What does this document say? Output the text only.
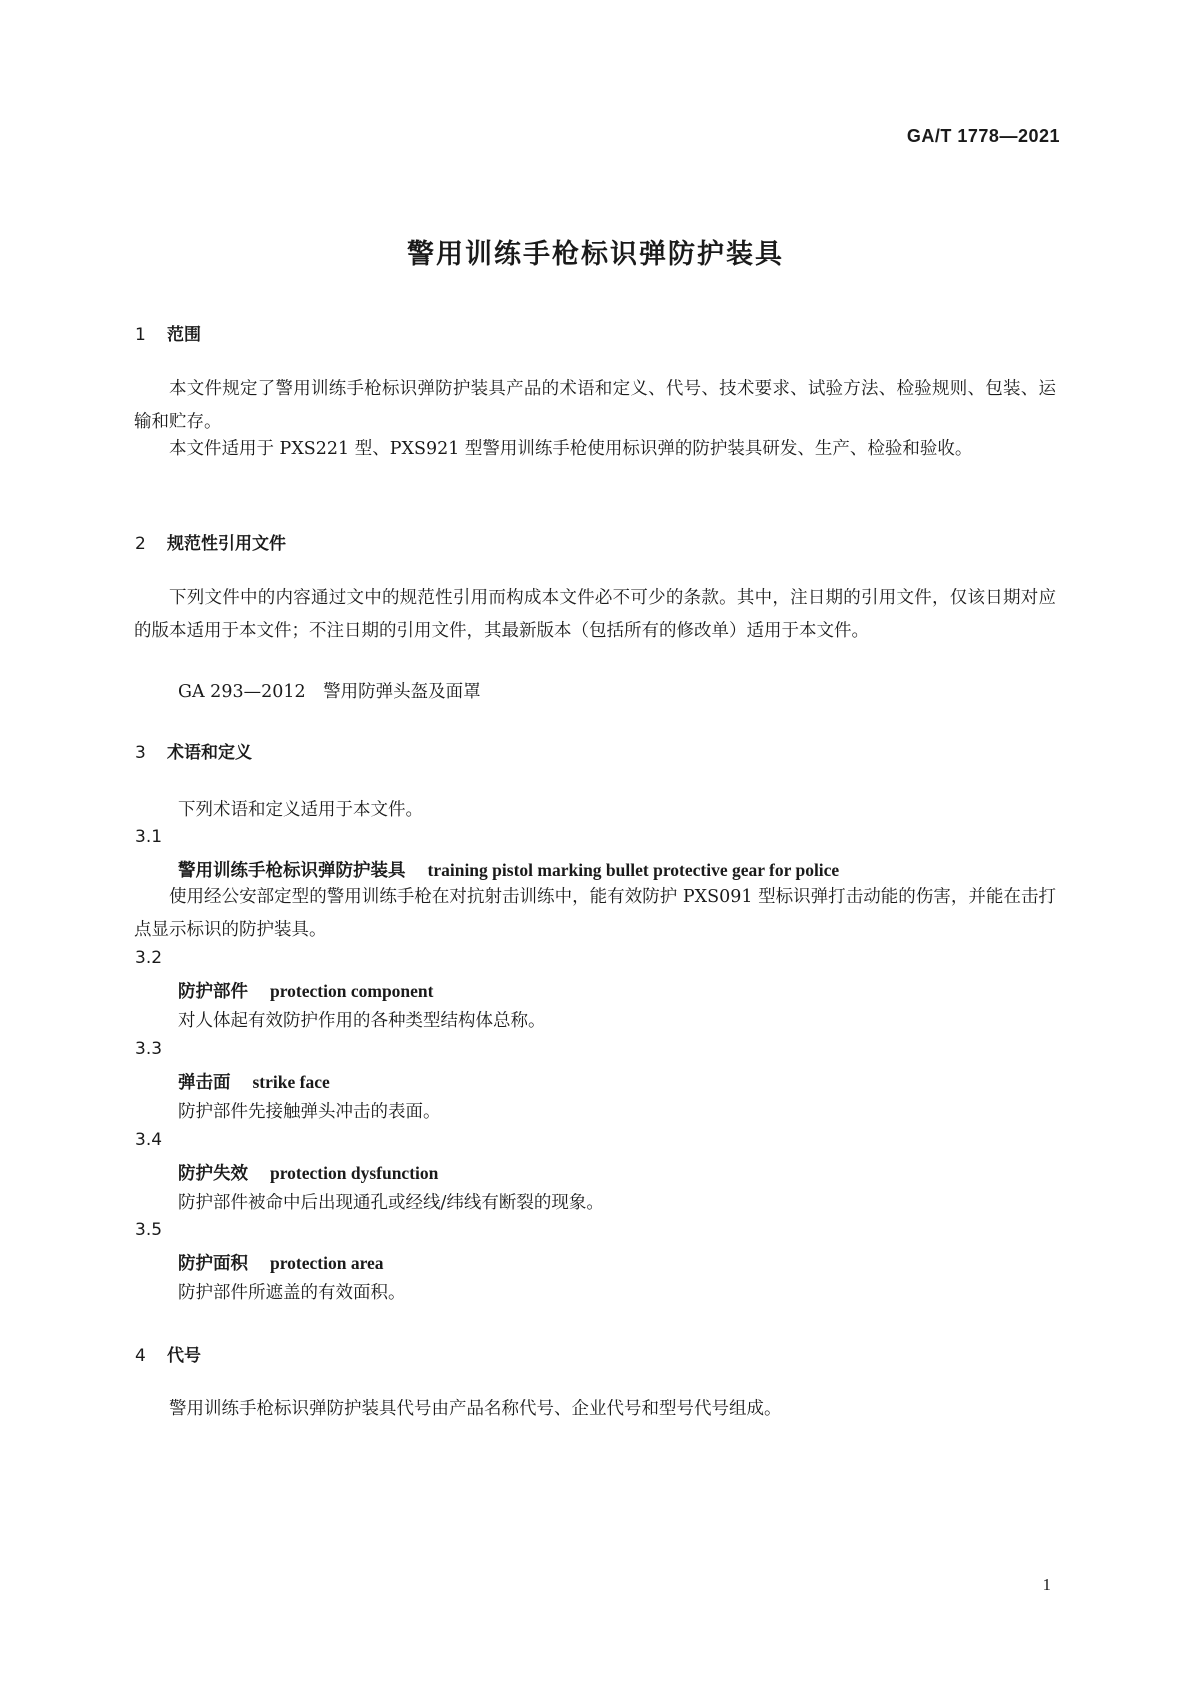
GA/T 1778—2021
警用训练手枪标识弹防护装具
1 范围
本文件规定了警用训练手枪标识弹防护装具产品的术语和定义、代号、技术要求、试验方法、检验规则、包装、运输和贮存。
本文件适用于 PXS221 型、PXS921 型警用训练手枪使用标识弹的防护装具研发、生产、检验和验收。
2 规范性引用文件
下列文件中的内容通过文中的规范性引用而构成本文件必不可少的条款。其中，注日期的引用文件，仅该日期对应的版本适用于本文件；不注日期的引用文件，其最新版本（包括所有的修改单）适用于本文件。
GA 293—2012　警用防弹头盔及面罩
3 术语和定义
下列术语和定义适用于本文件。
3.1
警用训练手枪标识弹防护装具 training pistol marking bullet protective gear for police
使用经公安部定型的警用训练手枪在对抗射击训练中，能有效防护 PXS091 型标识弹打击动能的伤害，并能在击打点显示标识的防护装具。
3.2
防护部件 protection component
对人体起有效防护作用的各种类型结构体总称。
3.3
弹击面 strike face
防护部件先接触弹头冲击的表面。
3.4
防护失效 protection dysfunction
防护部件被命中后出现通孔或经线/纬线有断裂的现象。
3.5
防护面积 protection area
防护部件所遮盖的有效面积。
4 代号
警用训练手枪标识弹防护装具代号由产品名称代号、企业代号和型号代号组成。
1
